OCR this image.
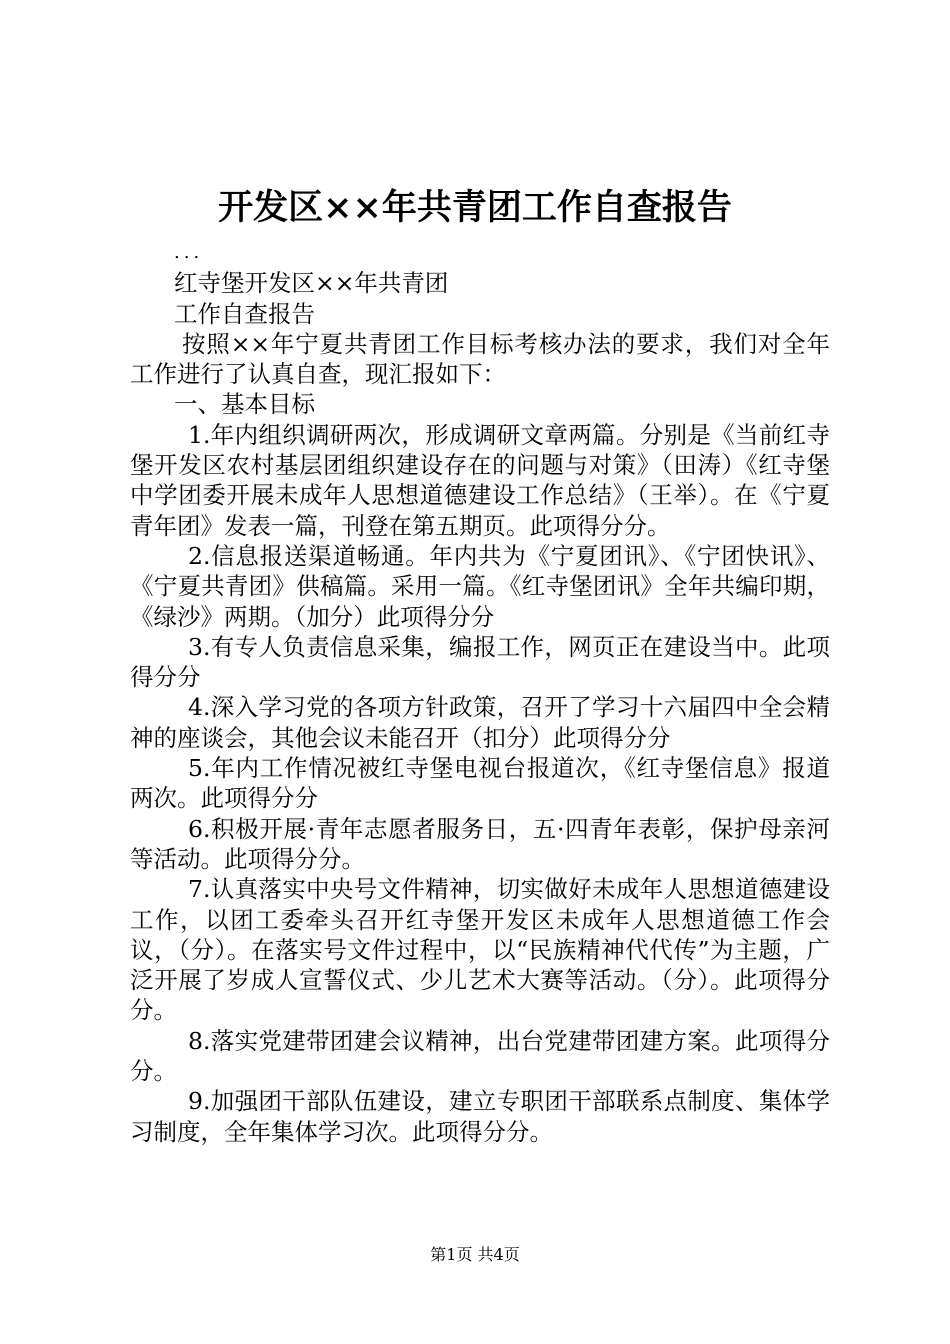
开发区××年共青团工作自查报告

...

红寺堡开发区××年共青团

工作自查报告

按照××年宁夏共青团工作目标考核办法的要求，我们对全年工作进行了认真自查，现汇报如下：

一、基本目标

1.年内组织调研两次，形成调研文章两篇。分别是《当前红寺堡开发区农村基层团组织建设存在的问题与对策》（田涛）《红寺堡中学团委开展未成年人思想道德建设工作总结》（王举）。在《宁夏青年团》发表一篇，刊登在第五期页。此项得分分。

2.信息报送渠道畅通。年内共为《宁夏团讯》、《宁团快讯》、《宁夏共青团》供稿篇。采用一篇。《红寺堡团讯》全年共编印期，《绿沙》两期。（加分）此项得分分

3.有专人负责信息采集，编报工作，网页正在建设当中。此项得分分

4.深入学习党的各项方针政策，召开了学习十六届四中全会精神的座谈会，其他会议未能召开（扣分）此项得分分

5.年内工作情况被红寺堡电视台报道次，《红寺堡信息》报道两次。此项得分分

6.积极开展·青年志愿者服务日，五·四青年表彰，保护母亲河等活动。此项得分分。

7.认真落实中央号文件精神，切实做好未成年人思想道德建设工作，以团工委牵头召开红寺堡开发区未成年人思想道德工作会议，（分）。在落实号文件过程中，以“民族精神代代传”为主题，广泛开展了岁成人宣誓仪式、少儿艺术大赛等活动。（分）。此项得分分。

8.落实党建带团建会议精神，出台党建带团建方案。此项得分分。

9.加强团干部队伍建设，建立专职团干部联系点制度、集体学习制度，全年集体学习次。此项得分分。

第1页 共4页
